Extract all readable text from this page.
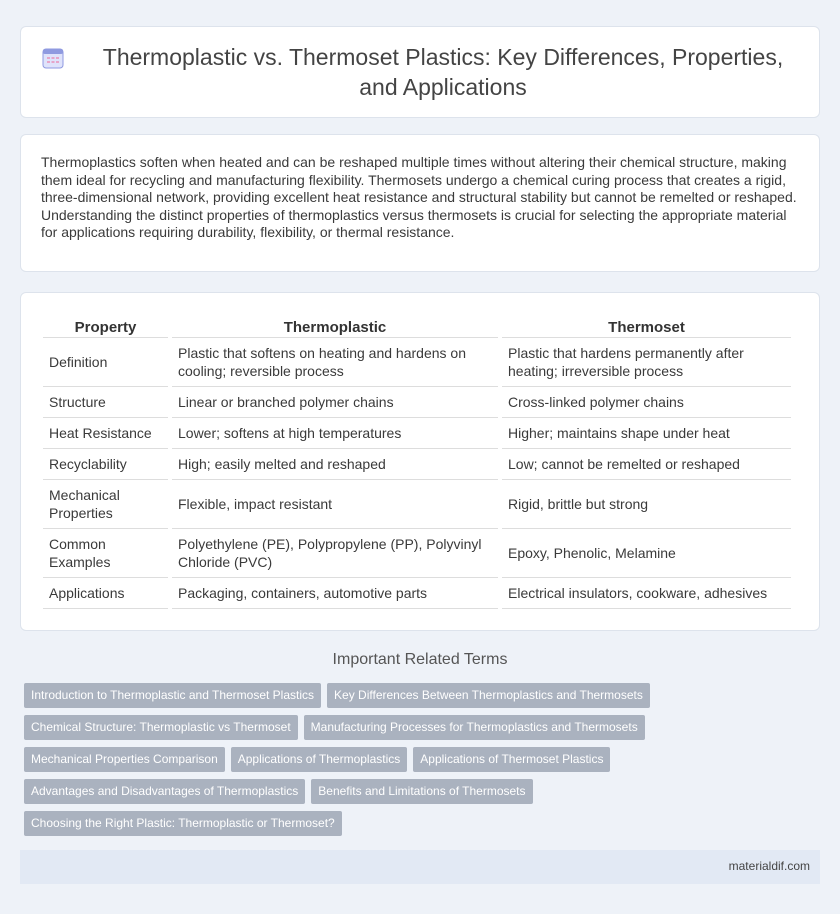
Thermoplastic vs. Thermoset Plastics: Key Differences, Properties, and Applications

Thermoplastics soften when heated and can be reshaped multiple times without altering their chemical structure, making them ideal for recycling and manufacturing flexibility. Thermosets undergo a chemical curing process that creates a rigid, three-dimensional network, providing excellent heat resistance and structural stability but cannot be remelted or reshaped. Understanding the distinct properties of thermoplastics versus thermosets is crucial for selecting the appropriate material for applications requiring durability, flexibility, or thermal resistance.

Property	Thermoplastic	Thermoset
Definition	Plastic that softens on heating and hardens on cooling; reversible process	Plastic that hardens permanently after heating; irreversible process
Structure	Linear or branched polymer chains	Cross-linked polymer chains
Heat Resistance	Lower; softens at high temperatures	Higher; maintains shape under heat
Recyclability	High; easily melted and reshaped	Low; cannot be remelted or reshaped
Mechanical Properties	Flexible, impact resistant	Rigid, brittle but strong
Common Examples	Polyethylene (PE), Polypropylene (PP), Polyvinyl Chloride (PVC)	Epoxy, Phenolic, Melamine
Applications	Packaging, containers, automotive parts	Electrical insulators, cookware, adhesives
Important Related Terms
Introduction to Thermoplastic and Thermoset Plastics Key Differences Between Thermoplastics and Thermosets
Chemical Structure: Thermoplastic vs Thermoset Manufacturing Processes for Thermoplastics and Thermosets
Mechanical Properties Comparison Applications of Thermoplastics Applications of Thermoset Plastics
Advantages and Disadvantages of Thermoplastics Benefits and Limitations of Thermosets
Choosing the Right Plastic: Thermoplastic or Thermoset?
materialdif.com
